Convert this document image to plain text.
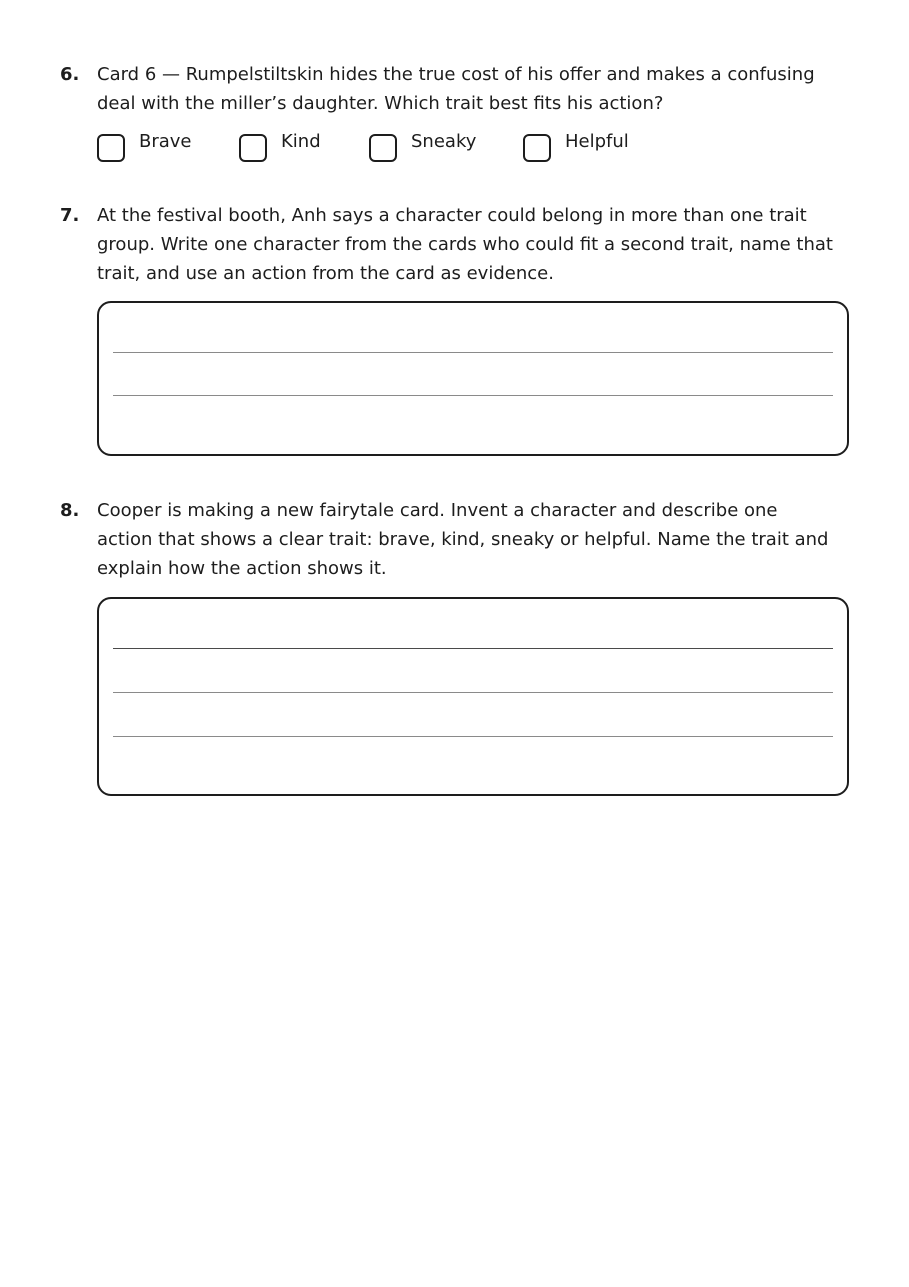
6. Card 6 — Rumpelstiltskin hides the true cost of his offer and makes a confusing deal with the miller’s daughter. Which trait best fits his action?
Brave	Kind	Sneaky	Helpful
7. At the festival booth, Anh says a character could belong in more than one trait group. Write one character from the cards who could fit a second trait, name that trait, and use an action from the card as evidence.
8. Cooper is making a new fairytale card. Invent a character and describe one action that shows a clear trait: brave, kind, sneaky or helpful. Name the trait and explain how the action shows it.
